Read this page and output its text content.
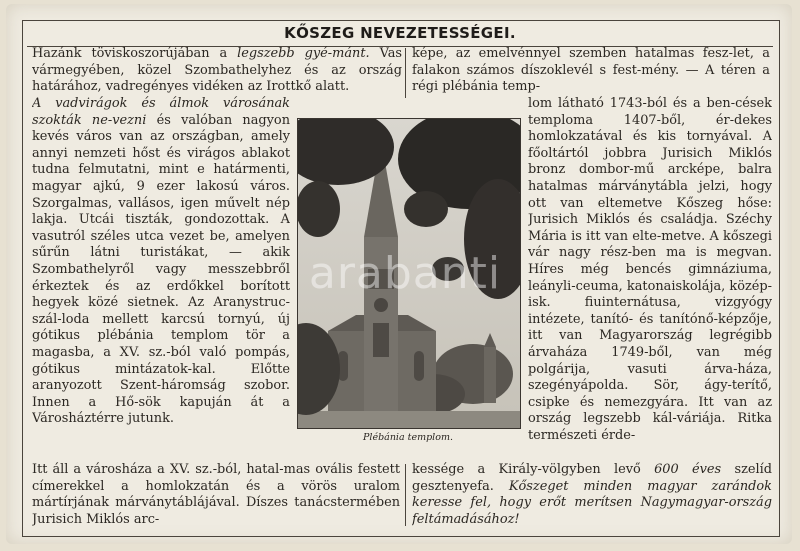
KŐSZEG NEVEZETESSÉGEI.

Hazánk töviskoszorújában a legszebb gyé-mánt. Vas vármegyében, közel Szombathelyhez és az ország határához, vadregényes vidéken az Irottkő alatt.

képe, az emelvénnyel szemben hatalmas fesz-let, a falakon számos díszoklevél s fest-mény. — A téren a régi plébánia temp-

A vadvirágok és álmok városának szokták ne-vezni és valóban nagyon kevés város van az országban, amely annyi nemzeti hőst és virágos ablakot tudna felmutatni, mint e határmenti, magyar ajkú, 9 ezer lakosú város. Szorgalmas, vallásos, igen művelt nép lakja. Utcái tiszták, gondozottak. A vasutról széles utca vezet be, amelyen sűrűn látni turistákat, — akik Szombathelyről vagy messzebbről érkeztek és az erdőkkel borított hegyek közé sietnek. Az Aranystruc-szál-loda mellett karcsú tornyú, új gótikus plébánia templom tör a magasba, a XV. sz.-ból való pompás, gótikus mintázatok-kal. Előtte aranyozott Szent-háromság szobor. Innen a Hő-sök kapuján át a Városháztérre jutunk.

arabanti
Plébánia templom.

lom látható 1743-ból és a ben-cések temploma 1407-ből, ér-dekes homlokzatával és kis tornyával. A főoltártól jobbra Jurisich Miklós bronz dombor-mű arcképe, balra hatalmas márványtábla jelzi, hogy ott van eltemetve Kőszeg hőse: Jurisich Miklós és családja. Széchy Mária is itt van elte-metve. A kőszegi vár nagy rész-ben ma is megvan. Híres még bencés gimnáziuma, leányli-ceuma, katonaiskolája, közép-isk. fiuinternátusa, vizgyógy intézete, tanító- és tanítónő-képzője, itt van Magyarország legrégibb árvaháza 1749-ből, van még polgárija, vasuti árva-háza, szegényápolda. Sör, ágy-terítő, csipke és nemezgyára. Itt van az ország legszebb kál-váriája. Ritka természeti érde-

Itt áll a városháza a XV. sz.-ból, hatal-mas ovális festett címerekkel a homlokzatán és a vörös uralom mártírjának márványtáblájával. Díszes tanácstermében Jurisich Miklós arc-

kessége a Király-völgyben levő 600 éves szelíd gesztenyefa. Kőszeget minden magyar zarándok keresse fel, hogy erőt merítsen Nagymagyar-ország feltámadásához!
